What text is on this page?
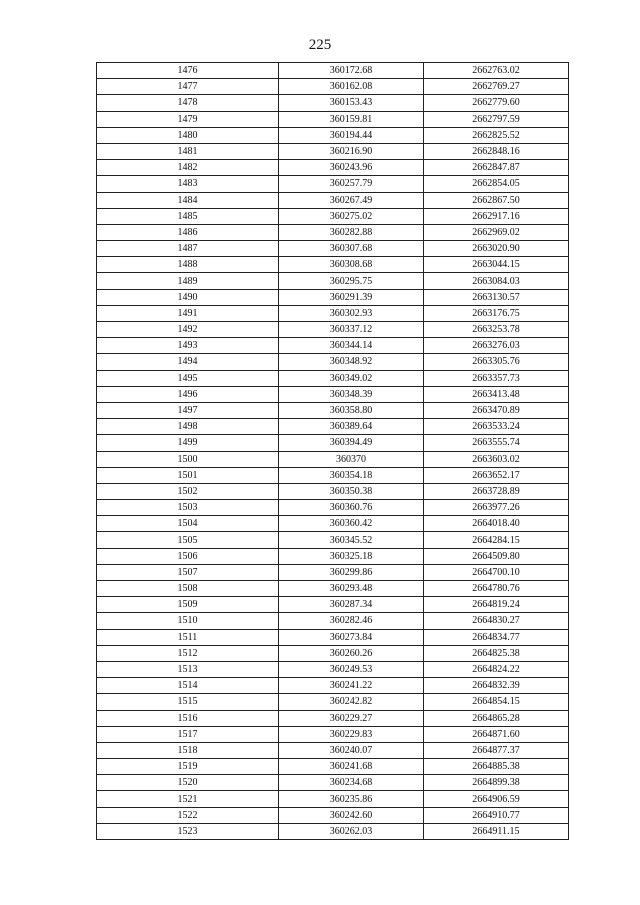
225
1476	360172.68	2662763.02
1477	360162.08	2662769.27
1478	360153.43	2662779.60
1479	360159.81	2662797.59
1480	360194.44	2662825.52
1481	360216.90	2662848.16
1482	360243.96	2662847.87
1483	360257.79	2662854.05
1484	360267.49	2662867.50
1485	360275.02	2662917.16
1486	360282.88	2662969.02
1487	360307.68	2663020.90
1488	360308.68	2663044.15
1489	360295.75	2663084.03
1490	360291.39	2663130.57
1491	360302.93	2663176.75
1492	360337.12	2663253.78
1493	360344.14	2663276.03
1494	360348.92	2663305.76
1495	360349.02	2663357.73
1496	360348.39	2663413.48
1497	360358.80	2663470.89
1498	360389.64	2663533.24
1499	360394.49	2663555.74
1500	360370	2663603.02
1501	360354.18	2663652.17
1502	360350.38	2663728.89
1503	360360.76	2663977.26
1504	360360.42	2664018.40
1505	360345.52	2664284.15
1506	360325.18	2664509.80
1507	360299.86	2664700.10
1508	360293.48	2664780.76
1509	360287.34	2664819.24
1510	360282.46	2664830.27
1511	360273.84	2664834.77
1512	360260.26	2664825.38
1513	360249.53	2664824.22
1514	360241.22	2664832.39
1515	360242.82	2664854.15
1516	360229.27	2664865.28
1517	360229.83	2664871.60
1518	360240.07	2664877.37
1519	360241.68	2664885.38
1520	360234.68	2664899.38
1521	360235.86	2664906.59
1522	360242.60	2664910.77
1523	360262.03	2664911.15
